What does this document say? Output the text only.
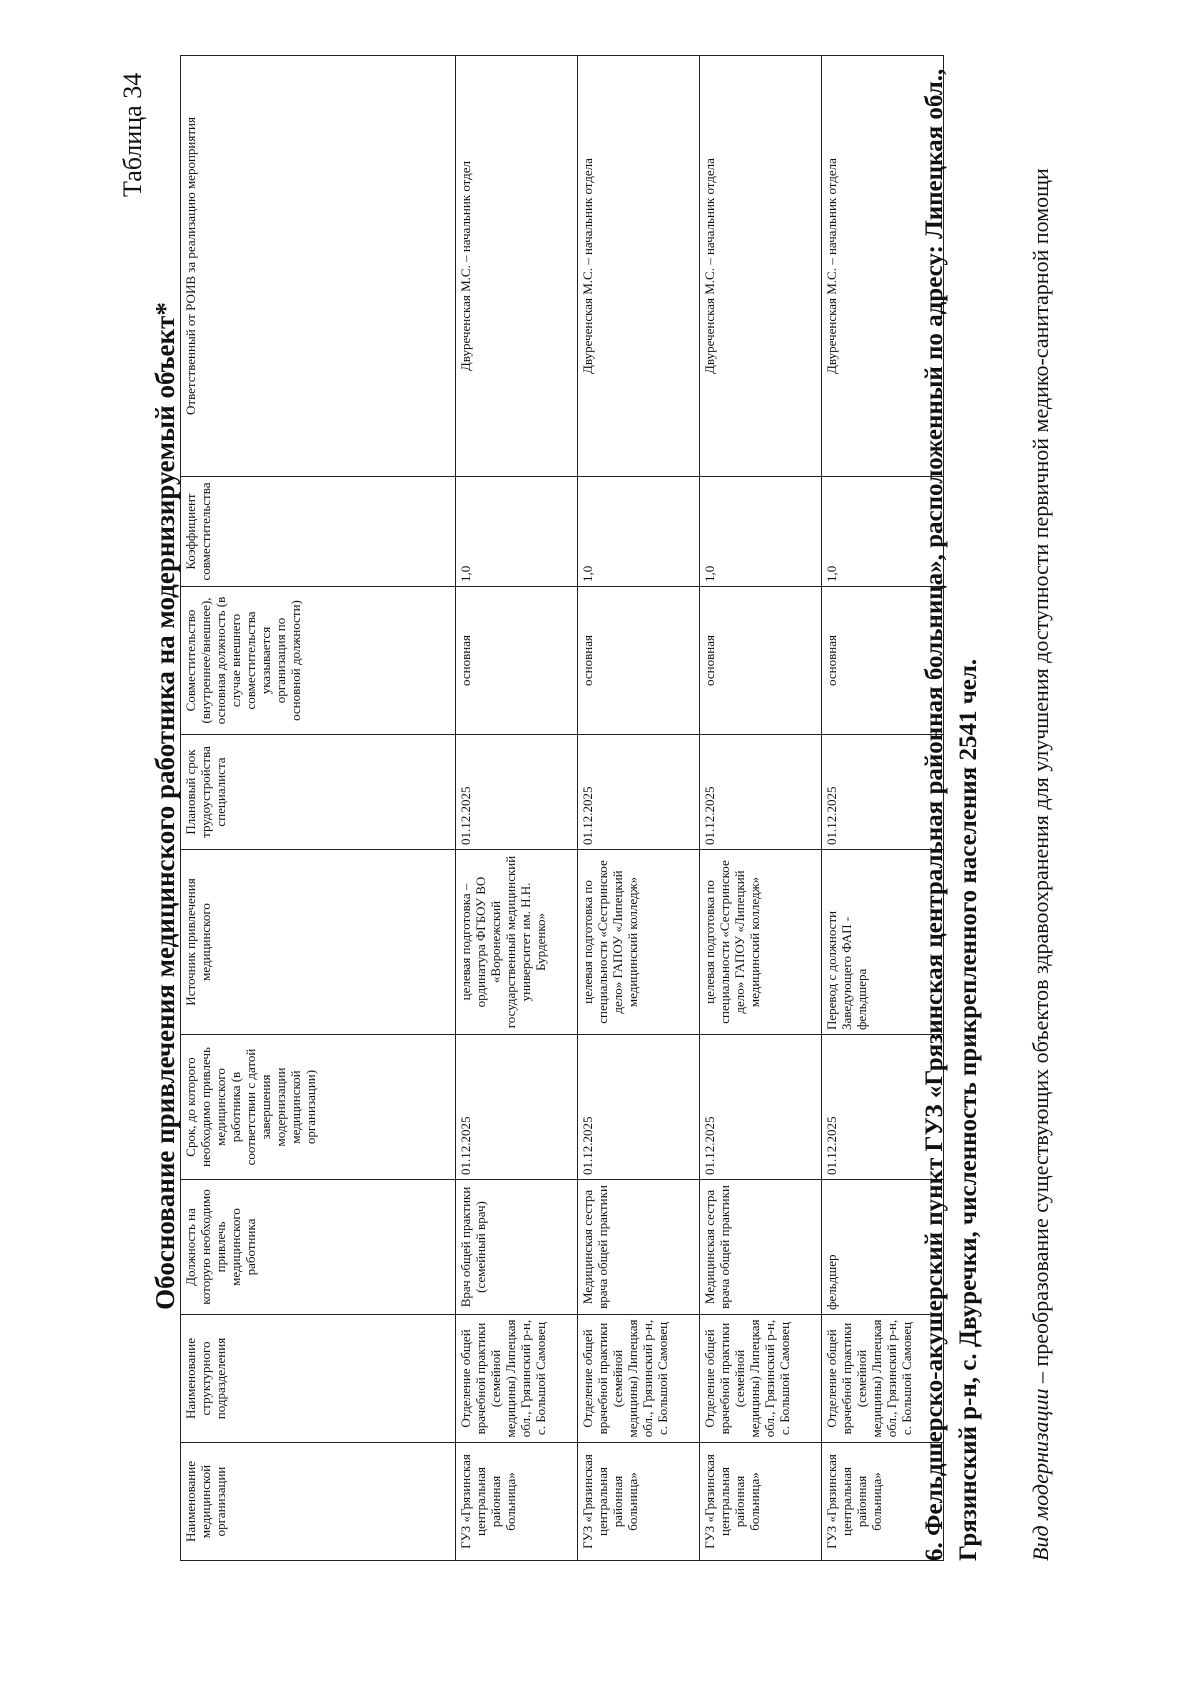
Таблица 34
Обоснование привлечения медицинского работника на модернизируемый объект*
Наименование медицинской организации	Наименование структурного подразделения	Должность на которую необходимо привлечь медицинского работника	Срок, до которого необходимо привлечь медицинского работника (в соответствии с датой завершения модернизации медицинской организации)	Источник привлечения медицинского	Плановый срок трудоустройства специалиста	Совместительство (внутреннее/внешнее), основная должность (в случае внешнего совместительства указывается организация по основной должности)	Коэффициент совместительства	Ответственный от РОИВ за реализацию мероприятия
ГУЗ «Грязинская центральная районная больница»	Отделение общей врачебной практики (семейной медицины) Липецкая обл., Грязинский р-н, с. Большой Самовец	Врач общей практики (семейный врач)	01.12.2025	целевая подготовка – ординатура ФГБОУ ВО «Воронежский государственный медицинский университет им. Н.Н. Бурденко»	01.12.2025	основная	1,0	Двуреченская М.С. – начальник отдел
ГУЗ «Грязинская центральная районная больница»	Отделение общей врачебной практики (семейной медицины) Липецкая обл., Грязинский р-н, с. Большой Самовец	Медицинская сестра врача общей практики	01.12.2025	целевая подготовка по специальности «Сестринское дело» ГАПОУ «Липецкий медицинский колледж»	01.12.2025	основная	1,0	Двуреченская М.С. – начальник отдела
ГУЗ «Грязинская центральная районная больница»	Отделение общей врачебной практики (семейной медицины) Липецкая обл., Грязинский р-н, с. Большой Самовец	Медицинская сестра врача общей практики	01.12.2025	целевая подготовка по специальности «Сестринское дело» ГАПОУ «Липецкий медицинский колледж»	01.12.2025	основная	1,0	Двуреченская М.С. – начальник отдела
ГУЗ «Грязинская центральная районная больница»	Отделение общей врачебной практики (семейной медицины) Липецкая обл., Грязинский р-н, с. Большой Самовец	фельдшер	01.12.2025	Перевод с должности Заведующего ФАП - фельдшера	01.12.2025	основная	1,0	Двуреченская М.С. – начальник отдела	6. Фельдшерско-акушерский пункт ГУЗ «Грязинская центральная районная больница», расположенный по адресу: Липецкая обл., Грязинский р-н, с. Двуречки, численность прикрепленного населения 2541 чел. Вид модернизации – преобразование существующих объектов здравоохранения для улучшения доступности первичной медико-санитарной помощи
